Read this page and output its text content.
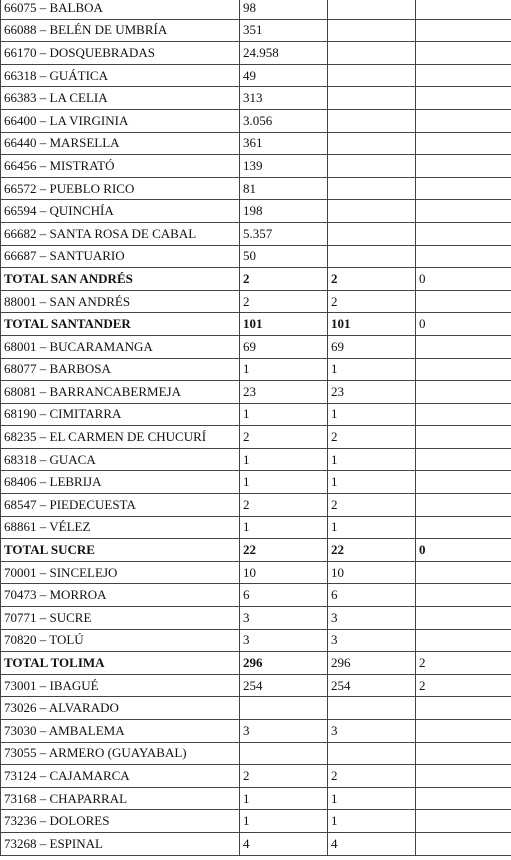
66075 – BALBOA	98		
66088 – BELÉN DE UMBRÍA	351		
66170 – DOSQUEBRADAS	24.958		
66318 – GUÁTICA	49		
66383 – LA CELIA	313		
66400 – LA VIRGINIA	3.056		
66440 – MARSELLA	361		
66456 – MISTRATÓ	139		
66572 – PUEBLO RICO	81		
66594 – QUINCHÍA	198		
66682 – SANTA ROSA DE CABAL	5.357		
66687 – SANTUARIO	50		
TOTAL SAN ANDRÉS	2	2	0
88001 – SAN ANDRÉS	2	2	
TOTAL SANTANDER	101	101	0
68001 – BUCARAMANGA	69	69	
68077 – BARBOSA	1	1	
68081 – BARRANCABERMEJA	23	23	
68190 – CIMITARRA	1	1	
68235 – EL CARMEN DE CHUCURÍ	2	2	
68318 – GUACA	1	1	
68406 – LEBRIJA	1	1	
68547 – PIEDECUESTA	2	2	
68861 – VÉLEZ	1	1	
TOTAL SUCRE	22	22	0
70001 – SINCELEJO	10	10	
70473 – MORROA	6	6	
70771 – SUCRE	3	3	
70820 – TOLÚ	3	3	
TOTAL TOLIMA	296	296	2
73001 – IBAGUÉ	254	254	2
73026 – ALVARADO			
73030 – AMBALEMA	3	3	
73055 – ARMERO (GUAYABAL)			
73124 – CAJAMARCA	2	2	
73168 – CHAPARRAL	1	1	
73236 – DOLORES	1	1	
73268 – ESPINAL	4	4	
